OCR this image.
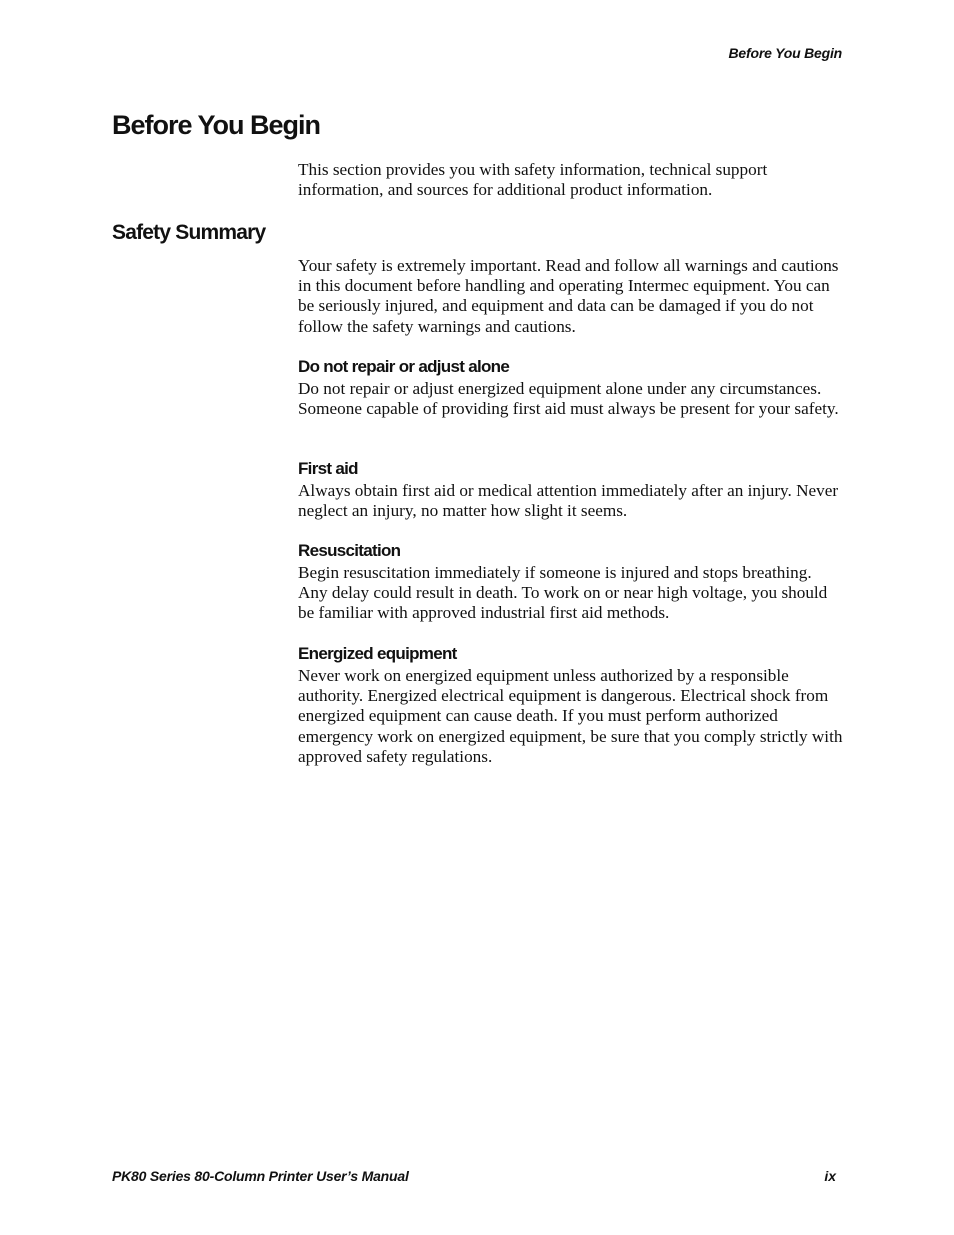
Before You Begin
Before You Begin

This section provides you with safety information, technical support information, and sources for additional product information.

Safety Summary

Your safety is extremely important. Read and follow all warnings and cautions in this document before handling and operating Intermec equipment. You can be seriously injured, and equipment and data can be damaged if you do not follow the safety warnings and cautions.

Do not repair or adjust alone

Do not repair or adjust energized equipment alone under any circumstances. Someone capable of providing first aid must always be present for your safety.

First aid

Always obtain first aid or medical attention immediately after an injury. Never neglect an injury, no matter how slight it seems.

Resuscitation

Begin resuscitation immediately if someone is injured and stops breathing. Any delay could result in death. To work on or near high voltage, you should be familiar with approved industrial first aid methods.

Energized equipment

Never work on energized equipment unless authorized by a responsible authority. Energized electrical equipment is dangerous. Electrical shock from energized equipment can cause death. If you must perform authorized emergency work on energized equipment, be sure that you comply strictly with approved safety regulations.

PK80 Series 80-Column Printer User’s Manual	ix
